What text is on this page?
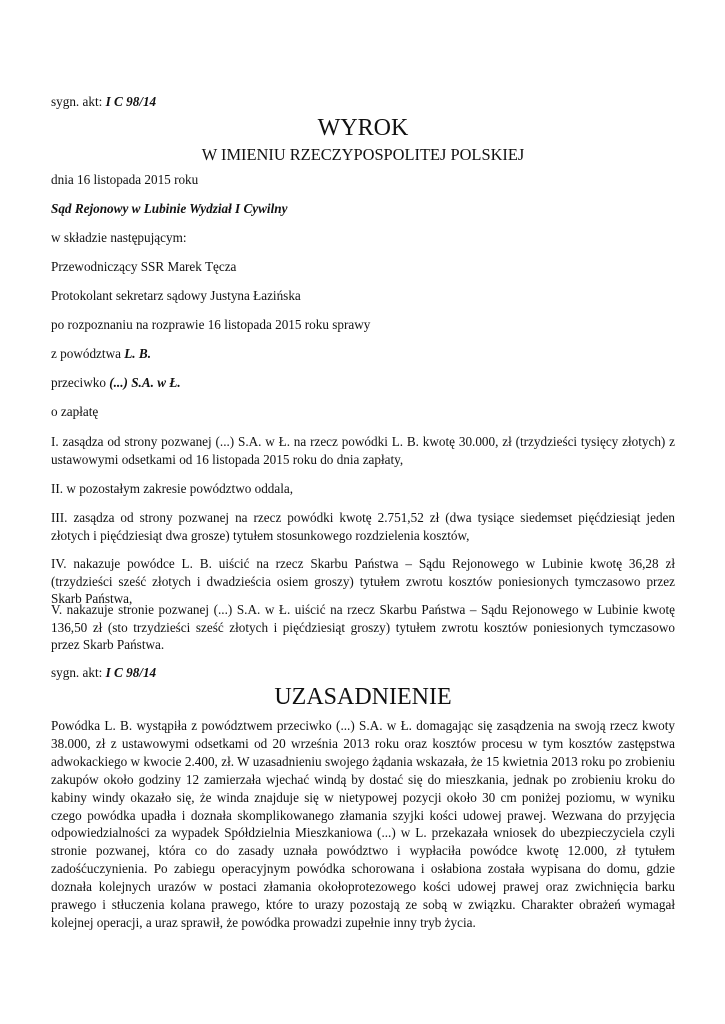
sygn. akt: I C 98/14
WYROK
W IMIENIU RZECZYPOSPOLITEJ POLSKIEJ
dnia 16 listopada 2015 roku
Sąd Rejonowy w Lubinie Wydział I Cywilny
w składzie następującym:
Przewodniczący SSR Marek Tęcza
Protokolant sekretarz sądowy Justyna Łazińska
po rozpoznaniu na rozprawie 16 listopada 2015 roku sprawy
z powództwa L. B.
przeciwko (...) S.A. w Ł.
o zapłatę
I. zasądza od strony pozwanej (...) S.A. w Ł. na rzecz powódki L. B. kwotę 30.000, zł (trzydzieści tysięcy złotych) z ustawowymi odsetkami od 16 listopada 2015 roku do dnia zapłaty,
II. w pozostałym zakresie powództwo oddala,
III. zasądza od strony pozwanej na rzecz powódki kwotę 2.751,52 zł (dwa tysiące siedemset pięćdziesiąt jeden złotych i pięćdziesiąt dwa grosze) tytułem stosunkowego rozdzielenia kosztów,
IV. nakazuje powódce L. B. uiścić na rzecz Skarbu Państwa – Sądu Rejonowego w Lubinie kwotę 36,28 zł (trzydzieści sześć złotych i dwadzieścia osiem groszy) tytułem zwrotu kosztów poniesionych tymczasowo przez Skarb Państwa,
V. nakazuje stronie pozwanej (...) S.A. w Ł. uiścić na rzecz Skarbu Państwa – Sądu Rejonowego w Lubinie kwotę 136,50 zł (sto trzydzieści sześć złotych i pięćdziesiąt groszy) tytułem zwrotu kosztów poniesionych tymczasowo przez Skarb Państwa.
sygn. akt: I C 98/14
UZASADNIENIE
Powódka L. B. wystąpiła z powództwem przeciwko (...) S.A. w Ł. domagając się zasądzenia na swoją rzecz kwoty 38.000, zł z ustawowymi odsetkami od 20 września 2013 roku oraz kosztów procesu w tym kosztów zastępstwa adwokackiego w kwocie 2.400, zł. W uzasadnieniu swojego żądania wskazała, że 15 kwietnia 2013 roku po zrobieniu zakupów około godziny 12 zamierzała wjechać windą by dostać się do mieszkania, jednak po zrobieniu kroku do kabiny windy okazało się, że winda znajduje się w nietypowej pozycji około 30 cm poniżej poziomu, w wyniku czego powódka upadła i doznała skomplikowanego złamania szyjki kości udowej prawej. Wezwana do przyjęcia odpowiedzialności za wypadek Spółdzielnia Mieszkaniowa (...) w L. przekazała wniosek do ubezpieczyciela czyli stronie pozwanej, która co do zasady uznała powództwo i wypłaciła powódce kwotę 12.000, zł tytułem zadośćuczynienia. Po zabiegu operacyjnym powódka schorowana i osłabiona została wypisana do domu, gdzie doznała kolejnych urazów w postaci złamania okołoprotezowego kości udowej prawej oraz zwichnięcia barku prawego i stłuczenia kolana prawego, które to urazy pozostają ze sobą w związku. Charakter obrażeń wymagał kolejnej operacji, a uraz sprawił, że powódka prowadzi zupełnie inny tryb życia.
